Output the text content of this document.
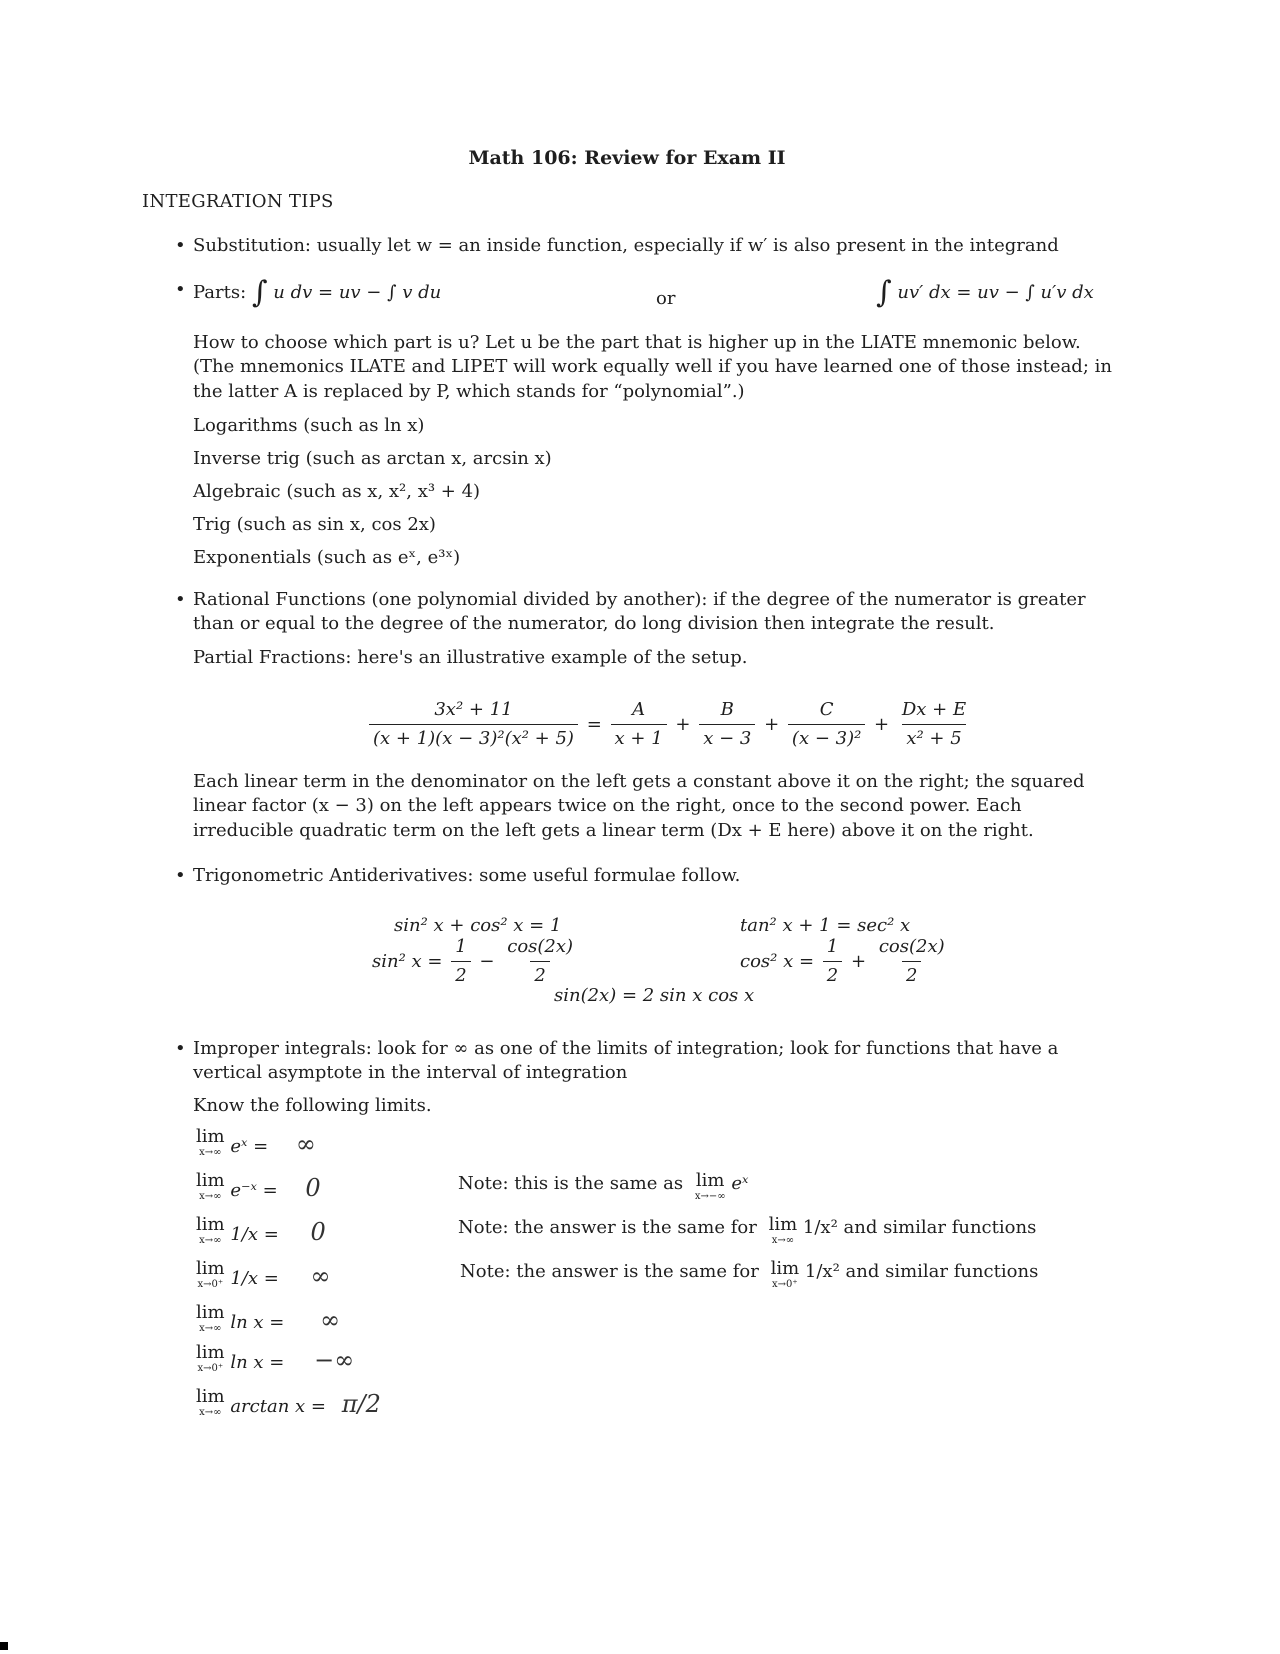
Math 106: Review for Exam II
INTEGRATION TIPS
• Substitution: usually let w = an inside function, especially if w′ is also present in the integrand
• Parts: ∫ u dv = uv − ∫ v du	or	∫ uv′ dx = uv − ∫ u′v dx
How to choose which part is u? Let u be the part that is higher up in the LIATE mnemonic below. (The mnemonics ILATE and LIPET will work equally well if you have learned one of those instead; in the latter A is replaced by P, which stands for “polynomial”.)
Logarithms (such as ln x)
Inverse trig (such as arctan x, arcsin x)
Algebraic (such as x, x², x³ + 4)
Trig (such as sin x, cos 2x)
Exponentials (such as eˣ, e³ˣ)
• Rational Functions (one polynomial divided by another): if the degree of the numerator is greater than or equal to the degree of the numerator, do long division then integrate the result.
Partial Fractions: here's an illustrative example of the setup.
$\frac{\text{3x² + 11}}{\text{(x + 1)(x − 3)²(x² + 5)}} = \frac{A}{x + 1} + \frac{B}{x - 3} + \frac{C}{\text{(x − 3)²}} + \frac{Dx + E}{\text{x² + 5}}$
Each linear term in the denominator on the left gets a constant above it on the right; the squared linear factor (x − 3) on the left appears twice on the right, once to the second power. Each irreducible quadratic term on the left gets a linear term (Dx + E here) above it on the right.
• Trigonometric Antiderivatives: some useful formulae follow.
sin² x + cos² x = 1
sin² $x = \frac{1}{2} - \frac{\cos(2x)}{2}$
tan² x + 1 = sec² x
cos² $x = \frac{1}{2} + \frac{\cos(2x)}{2}$
sin(2x) = 2 sin x cos x
• Improper integrals: look for ∞ as one of the limits of integration; look for functions that have a vertical asymptote in the interval of integration
Know the following limits.
lim
x→∞ eˣ = ∞
lim
x→∞ e⁻ˣ = 0
lim
x→∞ 1/x = 0
lim
x→0⁺ 1/x = ∞
lim
x→∞ ln x = ∞
lim
x→0⁺ ln x = −∞
lim
x→∞ arctan x = π/2
Note: this is the same as lim
x→−∞
eˣ
Note: the answer is the same for lim
x→∞
1/x² and similar functions
Note: the answer is the same for lim
x→0⁺
1/x² and similar functions
